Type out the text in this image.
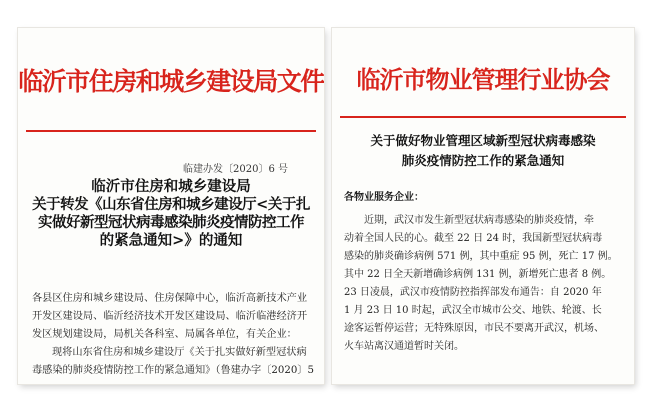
临沂市住房和城乡建设局文件
临建办发〔2020〕6 号
临沂市住房和城乡建设局
关于转发《山东省住房和城乡建设厅<关于扎
实做好新型冠状病毒感染肺炎疫情防控工作
的紧急通知>》的通知
各县区住房和城乡建设局、住房保障中心，临沂高新技术产业
开发区建设局、临沂经济技术开发区建设局、临沂临港经济开
发区规划建设局，局机关各科室、局属各单位，有关企业：
现将山东省住房和城乡建设厅《关于扎实做好新型冠状病
毒感染的肺炎疫情防控工作的紧急通知》（鲁建办字〔2020〕5
临沂市物业管理行业协会
关于做好物业管理区域新型冠状病毒感染
肺炎疫情防控工作的紧急通知
各物业服务企业：
近期，武汉市发生新型冠状病毒感染的肺炎疫情，牵
动着全国人民的心。截至 22 日 24 时，我国新型冠状病毒
感染的肺炎确诊病例 571 例，其中重症 95 例，死亡 17 例。
其中 22 日全天新增确诊病例 131 例，新增死亡患者 8 例。
23 日凌晨，武汉市疫情防控指挥部发布通告：自 2020 年
1 月 23 日 10 时起，武汉全市城市公交、地铁、轮渡、长
途客运暂停运营；无特殊原因，市民不要离开武汉，机场、
火车站离汉通道暂时关闭。
